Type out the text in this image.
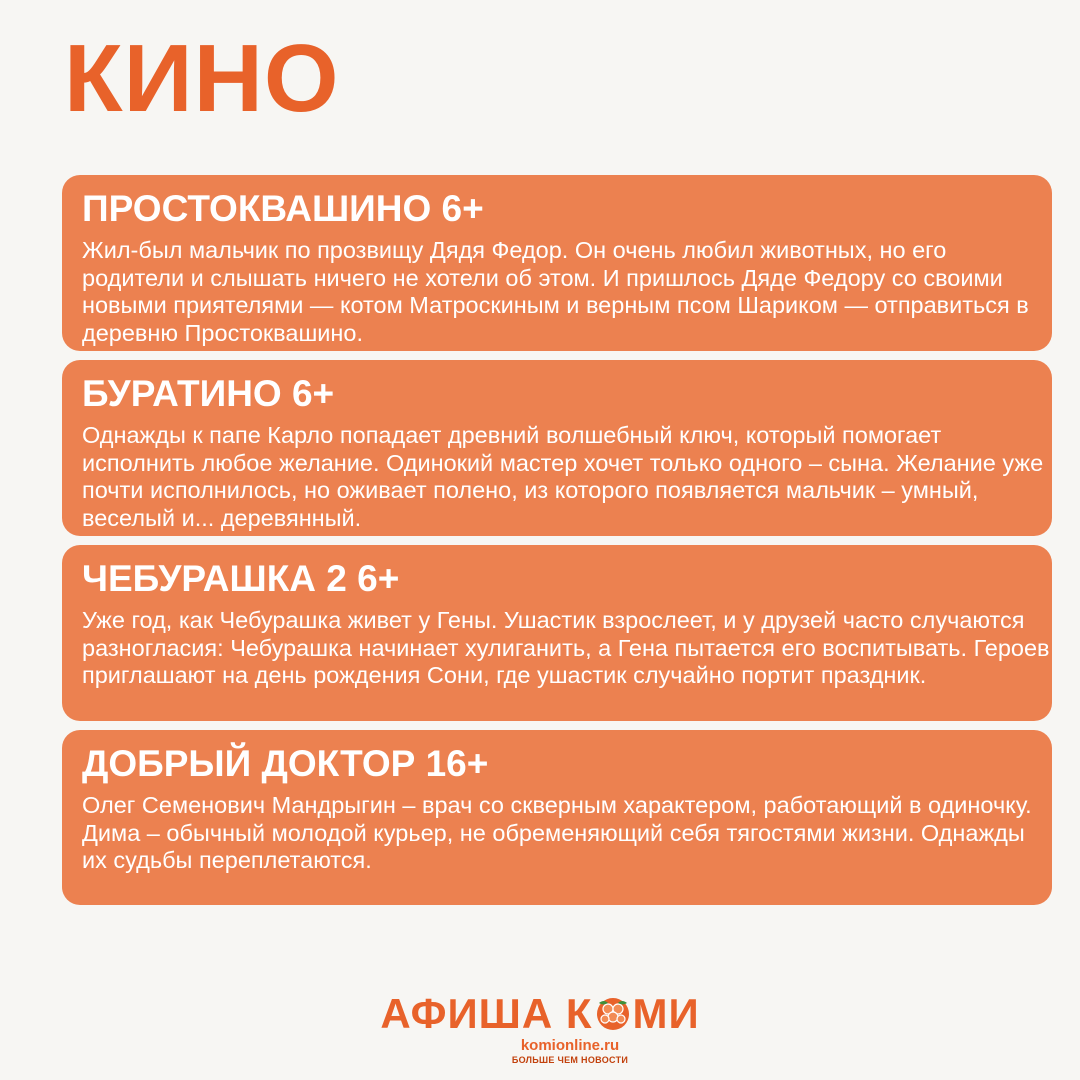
КИНО
ПРОСТОКВАШИНО 6+

Жил-был мальчик по прозвищу Дядя Федор. Он очень любил животных, но его родители и слышать ничего не хотели об этом. И пришлось Дяде Федору со своими новыми приятелями — котом Матроскиным и верным псом Шариком — отправиться в деревню Простоквашино.

БУРАТИНО 6+

Однажды к папе Карло попадает древний волшебный ключ, который помогает исполнить любое желание. Одинокий мастер хочет только одного – сына. Желание уже почти исполнилось, но оживает полено, из которого появляется мальчик – умный, веселый и... деревянный.

ЧЕБУРАШКА 2 6+

Уже год, как Чебурашка живет у Гены. Ушастик взрослеет, и у друзей часто случаются разногласия: Чебурашка начинает хулиганить, а Гена пытается его воспитывать. Героев приглашают на день рождения Сони, где ушастик случайно портит праздник.

ДОБРЫЙ ДОКТОР 16+

Олег Семенович Мандрыгин – врач со скверным характером, работающий в одиночку. Дима – обычный молодой курьер, не обременяющий себя тягостями жизни. Однажды их судьбы переплетаются.

АФИША К МИ
komionline.ru
БОЛЬШЕ ЧЕМ НОВОСТИ
